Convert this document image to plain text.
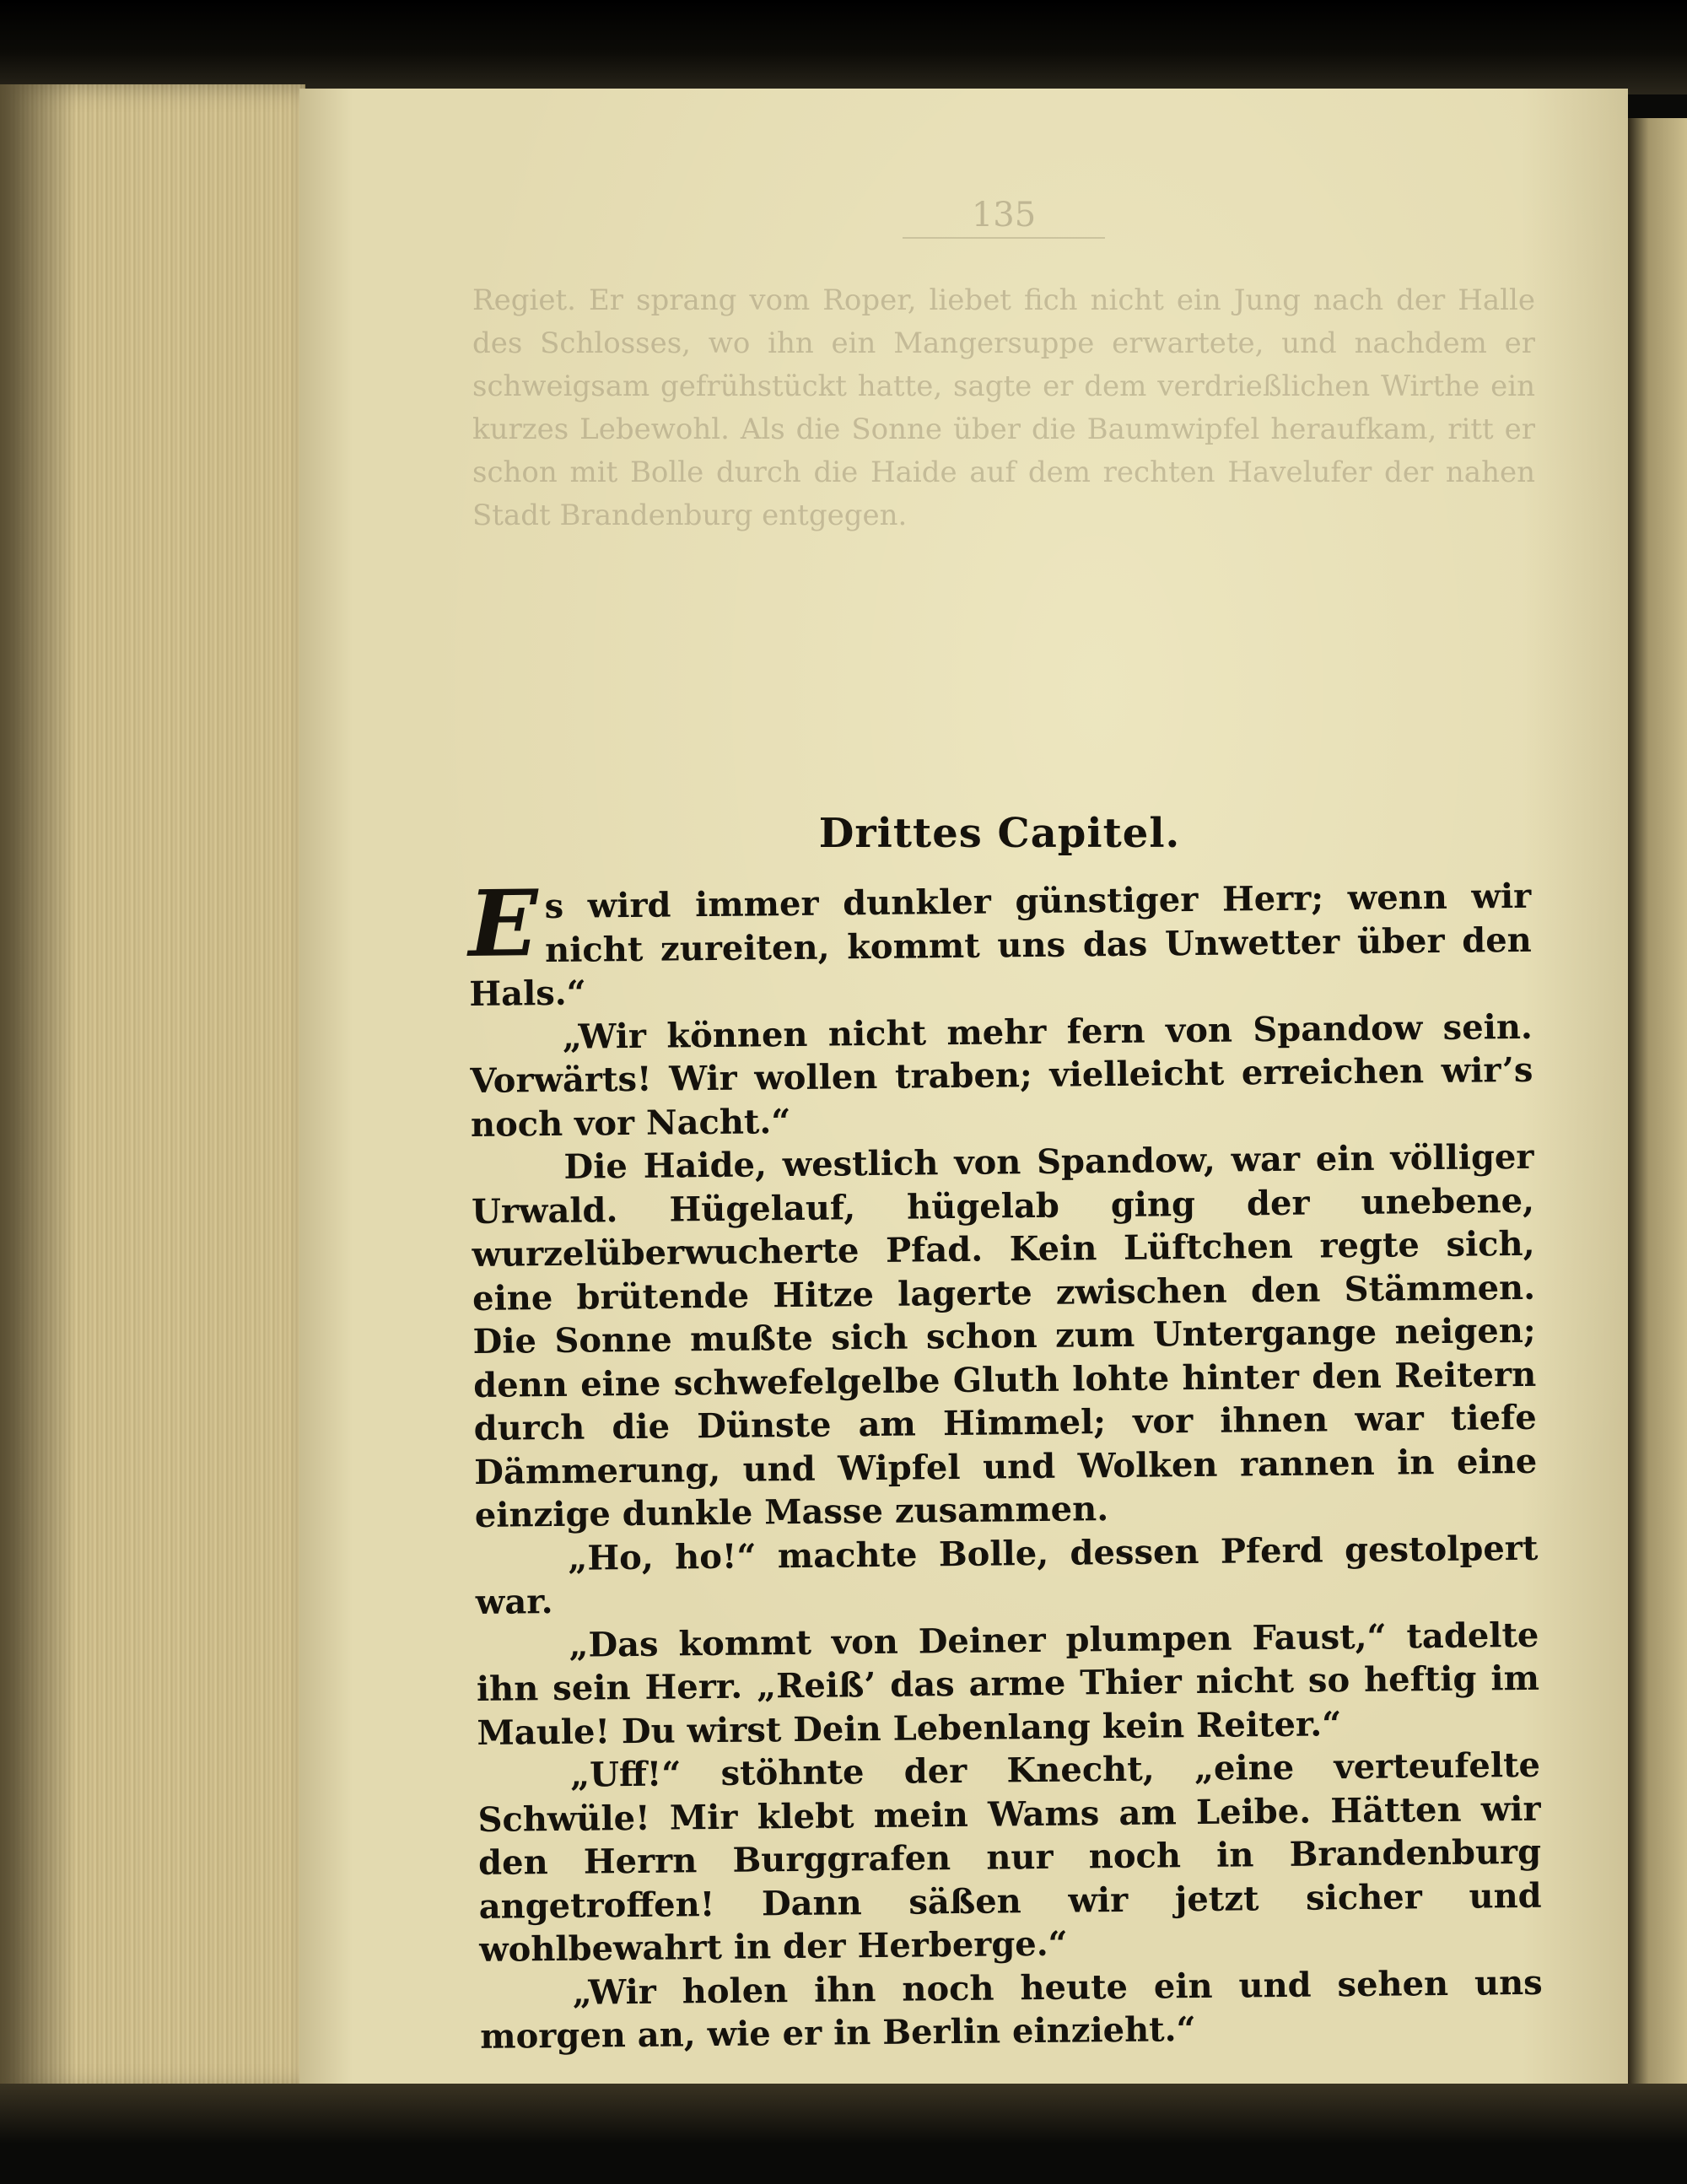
135
Regiet. Er sprang vom Roper, liebet fich nicht ein Jung nach der Halle des Schlosses, wo ihn ein Mangersuppe erwartete, und nachdem er schweigsam gefrühstückt hatte, sagte er dem verdrießlichen Wirthe ein kurzes Lebewohl. Als die Sonne über die Baumwipfel heraufkam, ritt er schon mit Bolle durch die Haide auf dem rechten Havelufer der nahen Stadt Brandenburg entgegen.
Drittes Capitel.

E s wird immer dunkler günstiger Herr; wenn wir nicht zureiten, kommt uns das Unwetter über den Hals.“

„Wir können nicht mehr fern von Spandow sein. Vorwärts! Wir wollen traben; vielleicht erreichen wir’s noch vor Nacht.“

Die Haide, westlich von Spandow, war ein völliger Urwald. Hügelauf, hügelab ging der unebene, wurzelüberwucherte Pfad. Kein Lüftchen regte sich, eine brütende Hitze lagerte zwischen den Stämmen. Die Sonne mußte sich schon zum Untergange neigen; denn eine schwefelgelbe Gluth lohte hinter den Reitern durch die Dünste am Himmel; vor ihnen war tiefe Dämmerung, und Wipfel und Wolken rannen in eine einzige dunkle Masse zusammen.

„Ho, ho!“ machte Bolle, dessen Pferd gestolpert war.

„Das kommt von Deiner plumpen Faust,“ tadelte ihn sein Herr. „Reiß’ das arme Thier nicht so heftig im Maule! Du wirst Dein Lebenlang kein Reiter.“

„Uff!“ stöhnte der Knecht, „eine verteufelte Schwüle! Mir klebt mein Wams am Leibe. Hätten wir den Herrn Burggrafen nur noch in Brandenburg angetroffen! Dann säßen wir jetzt sicher und wohlbewahrt in der Herberge.“

„Wir holen ihn noch heute ein und sehen uns morgen an, wie er in Berlin einzieht.“
